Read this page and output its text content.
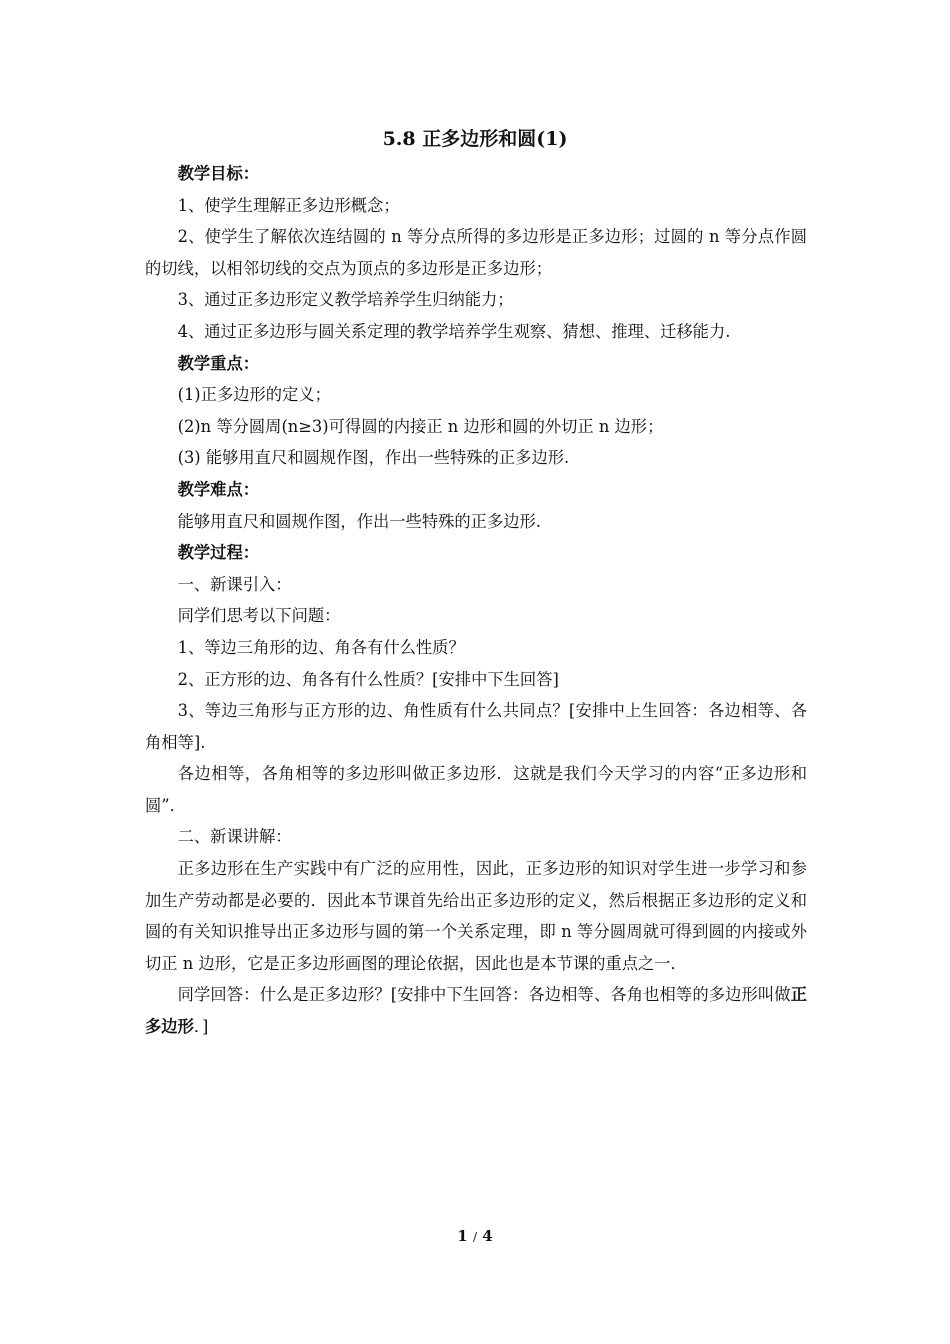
5.8 正多边形和圆(1)

教学目标：

1、使学生理解正多边形概念；

2、使学生了解依次连结圆的 n 等分点所得的多边形是正多边形；过圆的 n 等分点作圆的切线，以相邻切线的交点为顶点的多边形是正多边形；

3、通过正多边形定义教学培养学生归纳能力；

4、通过正多边形与圆关系定理的教学培养学生观察、猜想、推理、迁移能力.

教学重点：

(1)正多边形的定义；

(2)n 等分圆周(n≥3)可得圆的内接正 n 边形和圆的外切正 n 边形；

(3) 能够用直尺和圆规作图，作出一些特殊的正多边形.

教学难点：

能够用直尺和圆规作图，作出一些特殊的正多边形.

教学过程：

一、新课引入：

同学们思考以下问题：

1、等边三角形的边、角各有什么性质？

2、正方形的边、角各有什么性质？[安排中下生回答]

3、等边三角形与正方形的边、角性质有什么共同点？[安排中上生回答：各边相等、各角相等].

各边相等，各角相等的多边形叫做正多边形．这就是我们今天学习的内容“正多边形和圆”．

二、新课讲解：

正多边形在生产实践中有广泛的应用性，因此，正多边形的知识对学生进一步学习和参加生产劳动都是必要的．因此本节课首先给出正多边形的定义，然后根据正多边形的定义和圆的有关知识推导出正多边形与圆的第一个关系定理，即 n 等分圆周就可得到圆的内接或外切正 n 边形，它是正多边形画图的理论依据，因此也是本节课的重点之一．

同学回答：什么是正多边形？[安排中下生回答：各边相等、各角也相等的多边形叫做正多边形．]

1 / 4
